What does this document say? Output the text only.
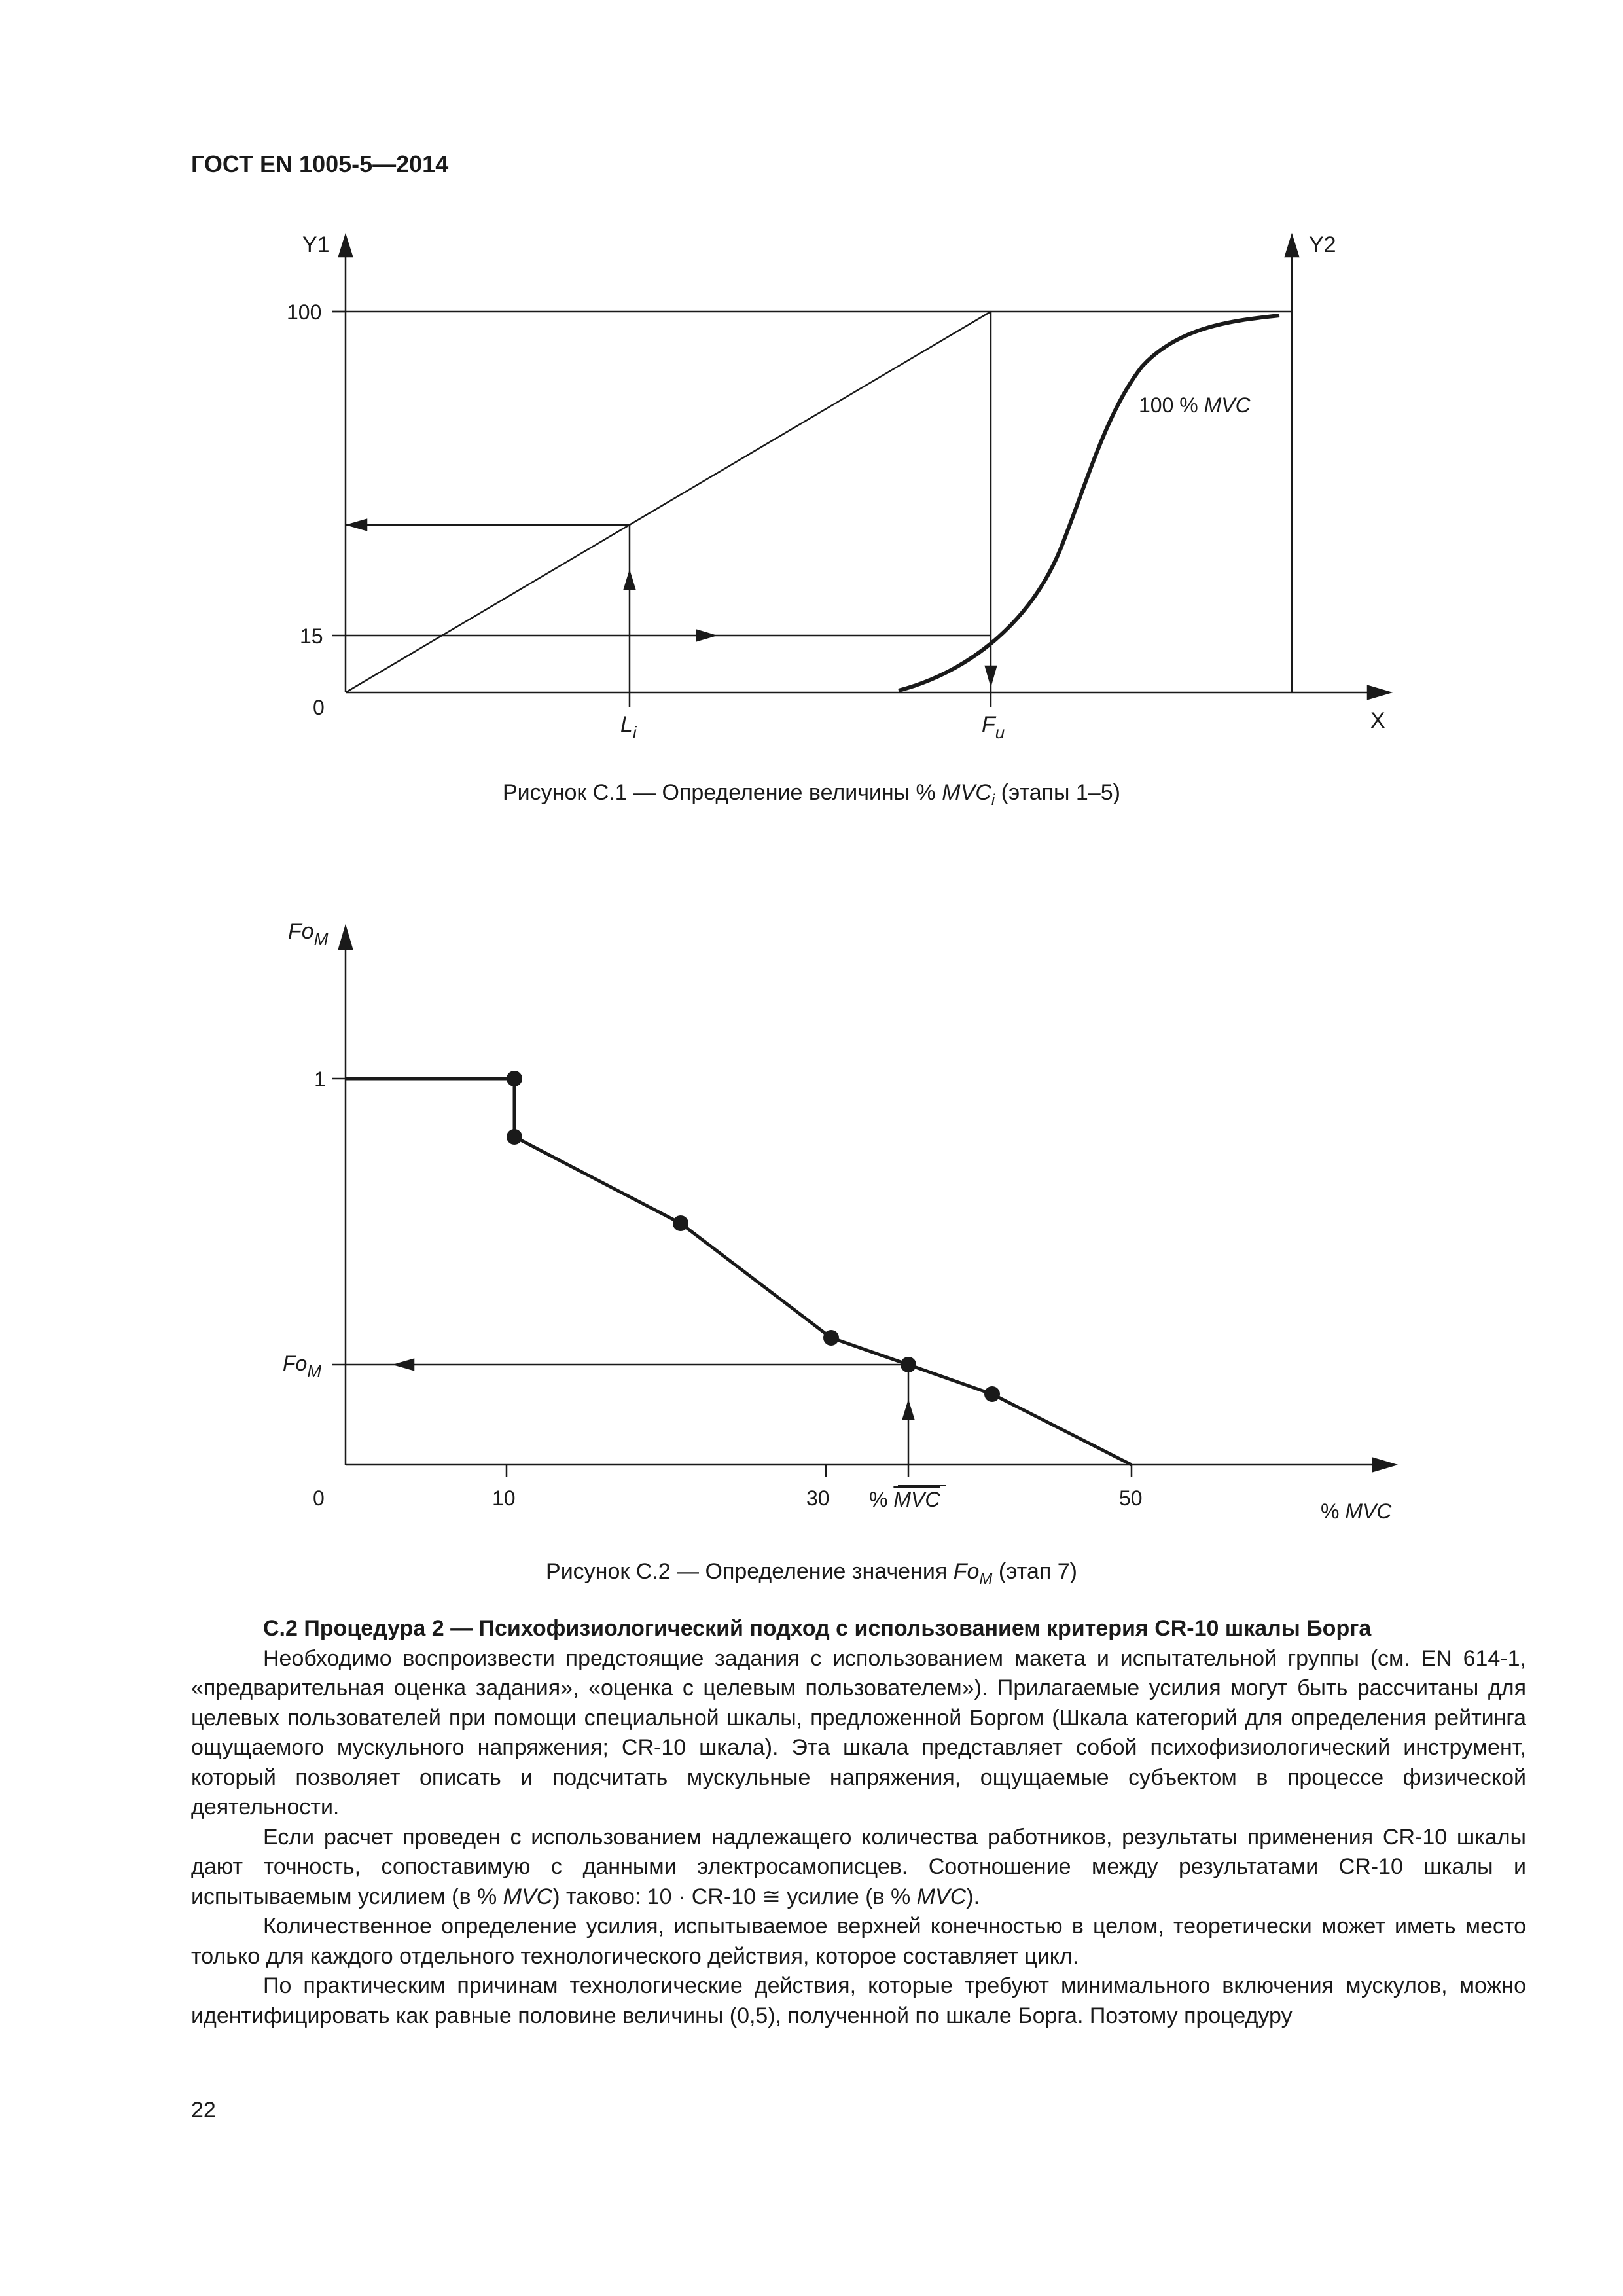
ГОСТ EN 1005-5—2014
Y1	Y2
X
100
15
0
100 % MVC
$L_i$	$F_u$
Рисунок С.1 — Определение величины % $MVC_i$ (этапы 1–5)
$Fo_M$
1
$Fo_M$
0	10	30	50
% MVC	% MVC
Рисунок С.2 — Определение значения $Fo_M$ (этап 7)

С.2 Процедура 2 — Психофизиологический подход с использованием критерия CR-10 шкалы Борга

Необходимо воспроизвести предстоящие задания с использованием макета и испытательной группы (см. EN 614-1, «предварительная оценка задания», «оценка с целевым пользователем»). Прилагаемые усилия могут быть рассчитаны для целевых пользователей при помощи специальной шкалы, предложенной Боргом (Шкала категорий для определения рейтинга ощущаемого мускульного напряжения; CR-10 шкала). Эта шкала представляет собой психофизиологический инструмент, который позволяет описать и подсчитать мускульные напряжения, ощущаемые субъектом в процессе физической деятельности.

Если расчет проведен с использованием надлежащего количества работников, результаты применения CR-10 шкалы дают точность, сопоставимую с данными электросамописцев. Соотношение между результатами CR-10 шкалы и испытываемым усилием (в % MVC) таково: 10 · CR-10 ≅ усилие (в % MVC).

Количественное определение усилия, испытываемое верхней конечностью в целом, теоретически может иметь место только для каждого отдельного технологического действия, которое составляет цикл.

По практическим причинам технологические действия, которые требуют минимального включения мускулов, можно идентифицировать как равные половине величины (0,5), полученной по шкале Борга. Поэтому процедуру

22
